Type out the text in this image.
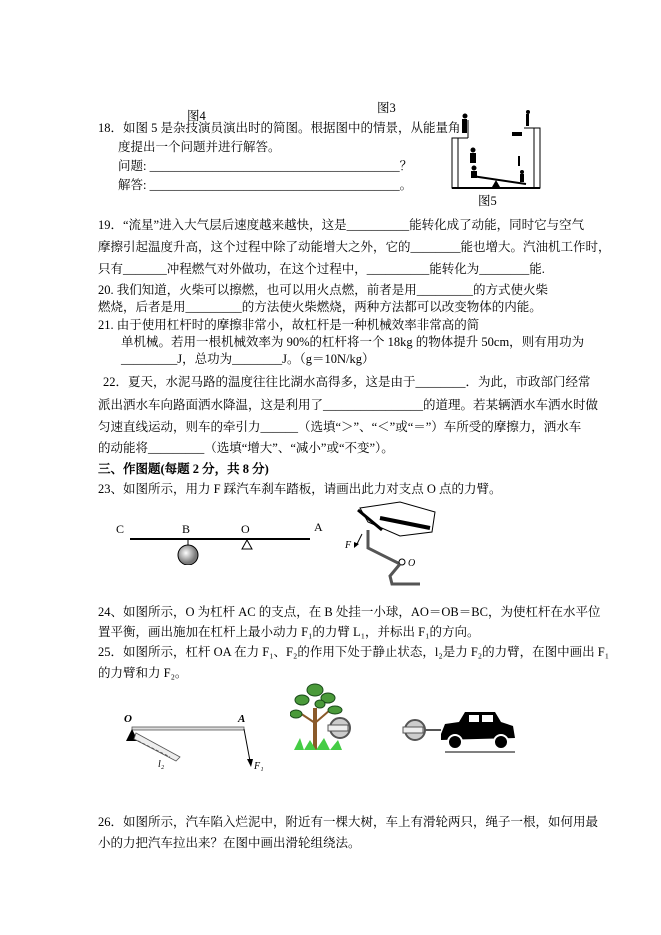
图4
图3
18．如图 5 是杂技演员演出时的简图。根据图中的情景，从能量角
度提出一个问题并进行解答。
问题: ________________________________________？
解答: ________________________________________。
图5
19．“流星”进入大气层后速度越来越快，这是__________能转化成了动能，同时它与空气
摩擦引起温度升高，这个过程中除了动能增大之外，它的________能也增大。汽油机工作时，
只有_______冲程燃气对外做功，在这个过程中，__________能转化为________能.
20. 我们知道，火柴可以擦燃，也可以用火点燃，前者是用_________的方式使火柴
燃烧，后者是用_________的方法使火柴燃烧，两种方法都可以改变物体的内能。
21. 由于使用杠杆时的摩擦非常小，故杠杆是一种机械效率非常高的简
单机械。若用一根机械效率为 90%的杠杆将一个 18kg 的物体提升 50cm，则有用功为
_________J，总功为________J。（g＝10N/kg）
22．夏天，水泥马路的温度往往比湖水高得多，这是由于________．为此，市政部门经常
派出洒水车向路面洒水降温，这是利用了________________的道理。若某辆洒水车洒水时做
匀速直线运动，则车的牵引力______（选填“＞”、“＜”或“＝”）车所受的摩擦力，洒水车
的动能将_________（选填“增大”、“减小”或“不变”）。
三、作图题(每题 2 分，共 8 分)
23、如图所示，用力 F 踩汽车刹车踏板，请画出此力对支点 O 点的力臂。
C	B	O	A
F
O
24、如图所示，O 为杠杆 AC 的支点，在 B 处挂一小球，AO＝OB＝BC，为使杠杆在水平位
置平衡，画出施加在杠杆上最小动力 F₁的力臂 L₁，并标出 F₁的方向。
25．如图所示，杠杆 OA 在力 F₁、F₂的作用下处于静止状态，l₂是力 F₂的力臂，在图中画出 F₁
的力臂和力 F₂。
O	A
l₂	F₁
26．如图所示，汽车陷入烂泥中，附近有一棵大树，车上有滑轮两只，绳子一根，如何用最
小的力把汽车拉出来？在图中画出滑轮组绕法。
